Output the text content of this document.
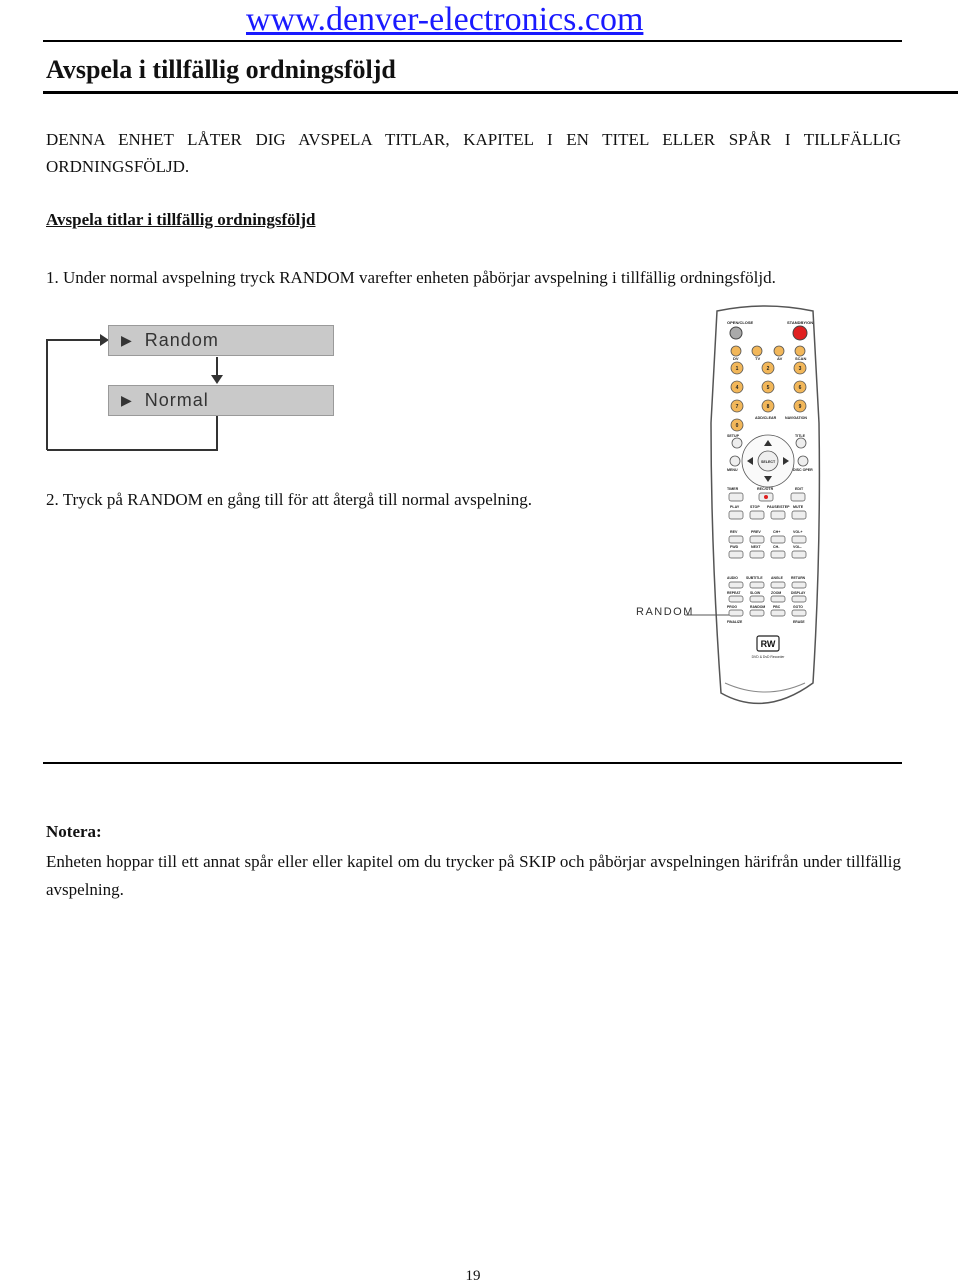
www.denver-electronics.com
Avspela i tillfällig ordningsföljd
DENNA ENHET LÅTER DIG AVSPELA TITLAR, KAPITEL I EN TITEL ELLER SPÅR I TILLFÄLLIG ORDNINGSFÖLJD.
Avspela titlar i tillfällig ordningsföljd
1. Under normal avspelning tryck RANDOM varefter enheten påbörjar avspelning i tillfällig ordningsföljd.
▶ Random
▶ Normal
2. Tryck på RANDOM en gång till för att återgå till normal avspelning.
OPEN/CLOSE	STANDBY/ON
DV	TV	AV	SCAN
1	2	3
4	5	6
7	8	9
0
ADD/CLEAR NAVIGATION
SETUP	TITLE
SELECT
MENU	DISC OPER
TIMER	REC/OTR	EDIT
PLAY	STOP PAUSE/STEP MUTE
REV	PREV	CH+	VOL+
FWD	NEXT	CH-	VOL-
AUDIO SUBTITLE ANGLE RETURN
REPEAT	SLOW	ZOOM	DISPLAY
PROG	RANDOM PBC	GOTO
FINALIZE	ERASE
RW
DVD & DvD Recorder
RANDOM
Notera:
Enheten hoppar till ett annat spår eller eller kapitel om du trycker på SKIP och påbörjar avspelningen härifrån under tillfällig avspelning.
19
